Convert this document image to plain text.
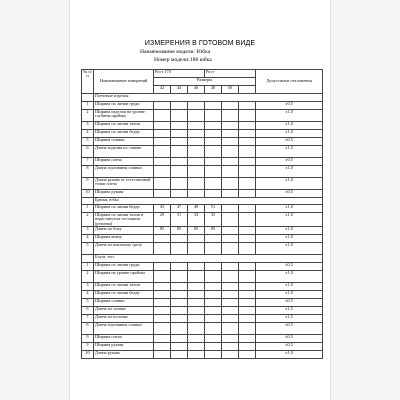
ИЗМЕРЕНИЯ В ГОТОВОМ ВИДЕ
Наименование модели: Юбка
Номер модели:188 юбка
№ п/ п	Наименование измерений	Рост 170			Рост			Допустимые отклонения
		Размеры						
		42	44	46	48	50		
	Плечевые изделия							
1	Ширина по линии груди							±0,5
2	Ширина изделия на уровне глубины проймы							±1,0
3	Ширина по линии талии							±1,0
4	Ширина по линии бедер							±1,0
5	Ширина спинки							±0,5
6	Длина изделия по спинке							±1,5
7	Ширина плеча							±0,5
8	Длина горловины спинки							±1,0
9	Длина рукава от естественной точки плеча							±1,0
10	Ширина рукава							±0,5
	Брюки, юбка							
1	Ширина по линии бедер	45	47	49	51			±1,0
2	Ширина по линии талии в нерастянутом состоянии (резинка)	29	31	33	35			±1,0
3	Длина по боку	85	85	85	85			±1,0
4	Ширина внизу							±1,0
5	Длина по шаговому срезу							±1,0
	Блуза, топ							
1	Ширина по линии груди							±0,5
2	Ширина на уровне проймы							±1,0
3	Ширина по линии талии							±1,0
4	Ширина по линии бедер							±1,0
5	Ширина спинки							±0,5
6	Длина по спинке							±1,5
7	Длина по полочке							±1,5
8	Длина горловины спинки							±0,5
9	Ширина плеча							±0,5
9	Ширина рукава							±0,5
10	Длина рукава							±1,0
